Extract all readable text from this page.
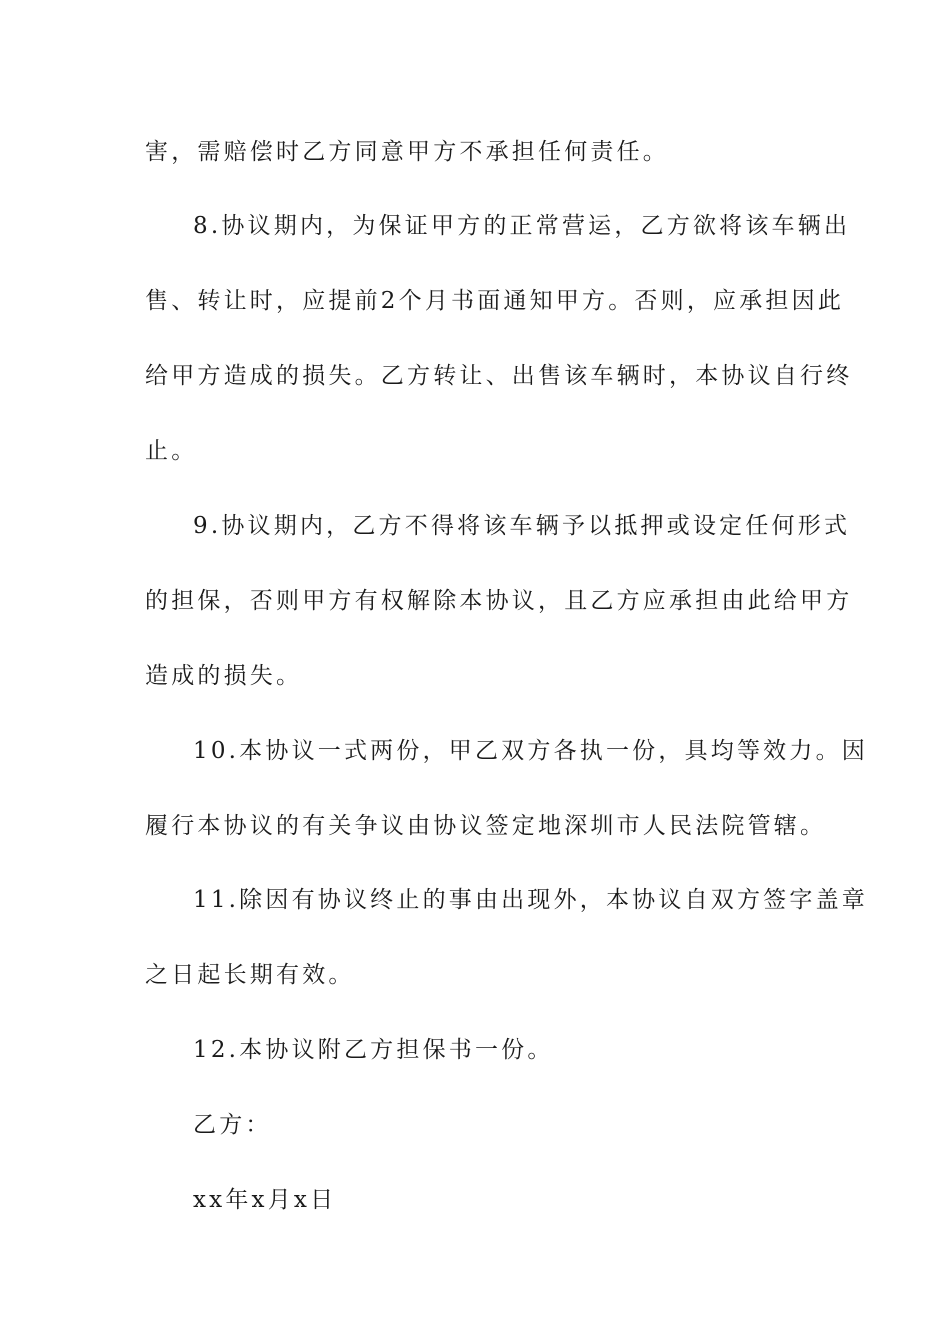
害，需赔偿时乙方同意甲方不承担任何责任。
8.协议期内，为保证甲方的正常营运，乙方欲将该车辆出
售、转让时，应提前2个月书面通知甲方。否则，应承担因此
给甲方造成的损失。乙方转让、出售该车辆时，本协议自行终
止。
9.协议期内，乙方不得将该车辆予以抵押或设定任何形式
的担保，否则甲方有权解除本协议，且乙方应承担由此给甲方
造成的损失。
10.本协议一式两份，甲乙双方各执一份，具均等效力。因
履行本协议的有关争议由协议签定地深圳市人民法院管辖。
11.除因有协议终止的事由出现外，本协议自双方签字盖章
之日起长期有效。
12.本协议附乙方担保书一份。
乙方：
xx年x月x日
